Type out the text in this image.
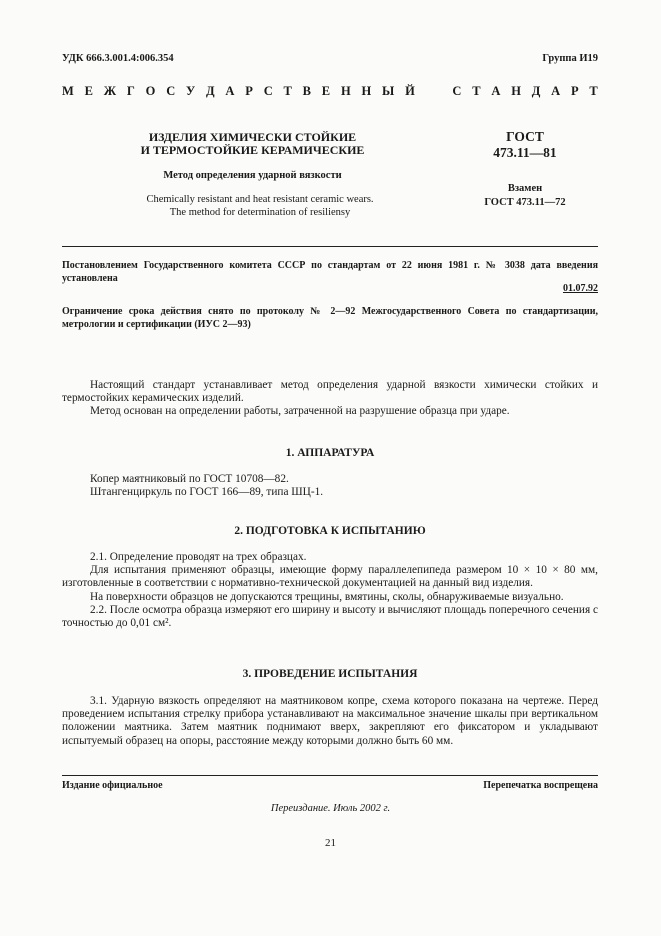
УДК 666.3.001.4:006.354	Группа И19
М Е Ж Г О С У Д А Р С Т В Е Н Н Ы Й	С Т А Н Д А Р Т
ИЗДЕЛИЯ ХИМИЧЕСКИ СТОЙКИЕ
И ТЕРМОСТОЙКИЕ КЕРАМИЧЕСКИЕ
Метод определения ударной вязкости
Chemically resistant and heat resistant ceramic wears.
The method for determination of resiliensy
ГОСТ
473.11—81
Взамен
ГОСТ 473.11—72
Постановлением Государственного комитета СССР по стандартам от 22 июня 1981 г. № 3038 дата введения установлена
01.07.92
Ограничение срока действия снято по протоколу № 2—92 Межгосударственного Совета по стандартизации, метрологии и сертификации (ИУС 2—93)

Настоящий стандарт устанавливает метод определения ударной вязкости химически стойких и термостойких керамических изделий.

Метод основан на определении работы, затраченной на разрушение образца при ударе.

1. АППАРАТУРА

Копер маятниковый по ГОСТ 10708—82.

Штангенциркуль по ГОСТ 166—89, типа ШЦ-1.

2. ПОДГОТОВКА К ИСПЫТАНИЮ

2.1. Определение проводят на трех образцах.

Для испытания применяют образцы, имеющие форму параллелепипеда размером 10 × 10 × 80 мм, изготовленные в соответствии с нормативно-технической документацией на данный вид изделия.

На поверхности образцов не допускаются трещины, вмятины, сколы, обнаруживаемые визуально.

2.2. После осмотра образца измеряют его ширину и высоту и вычисляют площадь поперечного сечения с точностью до 0,01 см².

3. ПРОВЕДЕНИЕ ИСПЫТАНИЯ

3.1. Ударную вязкость определяют на маятниковом копре, схема которого показана на чертеже. Перед проведением испытания стрелку прибора устанавливают на максимальное значение шкалы при вертикальном положении маятника. Затем маятник поднимают вверх, закрепляют его фиксатором и укладывают испытуемый образец на опоры, расстояние между которыми должно быть 60 мм.

Издание официальное	Перепечатка воспрещена
Переиздание. Июль 2002 г.
21
